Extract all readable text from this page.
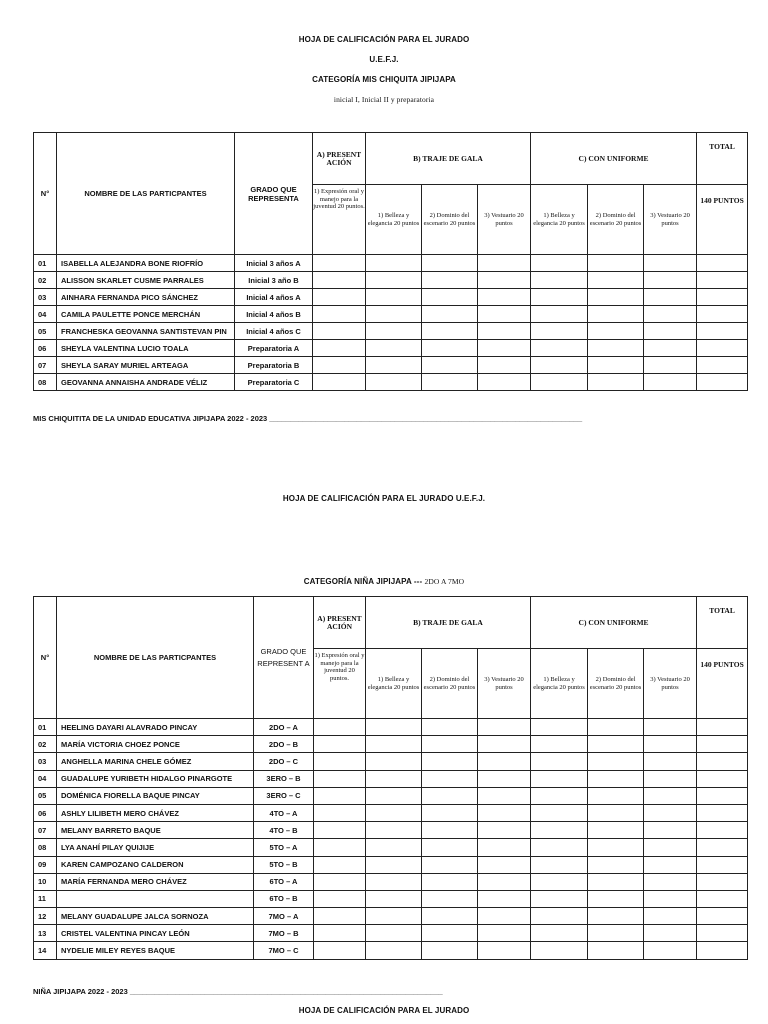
HOJA DE CALIFICACIÓN PARA EL JURADO
U.E.F.J.
CATEGORÍA MIS CHIQUITA JIPIJAPA
inicial I, Inicial II y preparatoria
N°	NOMBRE DE LAS PARTICPANTES	GRADO QUE REPRESENTA	A) PRESENT ACIÓN	B) TRAJE DE GALA			C) CON UNIFORME			TOTAL
			1) Expresión oral y manejo para la juventud 20 puntos.	1) Belleza y elegancia 20 puntos	2) Dominio del escenario 20 puntos	3) Vestuario 20 puntos	1) Belleza y elegancia 20 puntos	2) Dominio del escenario 20 puntos	3) Vestuario 20 puntos	140 PUNTOS
01	ISABELLA ALEJANDRA BONE RIOFRÍO	Inicial 3 años A								
02	ALISSON SKARLET CUSME PARRALES	Inicial 3 año B								
03	AINHARA FERNANDA PICO SÁNCHEZ	Inicial 4 años A								
04	CAMILA PAULETTE PONCE MERCHÁN	Inicial 4 años B								
05	FRANCHESKA GEOVANNA SANTISTEVAN PIN	Inicial 4 años C								
06	SHEYLA VALENTINA LUCIO TOALA	Preparatoria A								
07	SHEYLA SARAY MURIEL ARTEAGA	Preparatoria B								
08	GEOVANNA ANNAISHA ANDRADE VÉLIZ	Preparatoria C								
MIS CHIQUITITA DE LA UNIDAD EDUCATIVA JIPIJAPA 2022 - 2023 ___________________________________________________________________________
HOJA DE CALIFICACIÓN PARA EL JURADO U.E.F.J.
CATEGORÍA NIÑA JIPIJAPA --- 2DO A 7MO
N°	NOMBRE DE LAS PARTICPANTES	GRADO QUE REPRESENT A	A) PRESENT ACIÓN	B) TRAJE DE GALA			C) CON UNIFORME			TOTAL
			1) Expresión oral y manejo para la juventud 20 puntos.	1) Belleza y elegancia 20 puntos	2) Dominio del escenario 20 puntos	3) Vestuario 20 puntos	1) Belleza y elegancia 20 puntos	2) Dominio del escenario 20 puntos	3) Vestuario 20 puntos	140 PUNTOS
01	HEELING DAYARI ALAVRADO PINCAY	2DO – A								
02	MARÍA VICTORIA CHOEZ PONCE	2DO – B								
03	ANGHELLA MARINA CHELE GÓMEZ	2DO – C								
04	GUADALUPE YURIBETH HIDALGO PINARGOTE	3ERO – B								
05	DOMÉNICA FIORELLA BAQUE PINCAY	3ERO – C								
06	ASHLY LILIBETH MERO CHÁVEZ	4TO – A								
07	MELANY BARRETO BAQUE	4TO – B								
08	LYA ANAHÍ PILAY QUIJIJE	5TO – A								
09	KAREN CAMPOZANO CALDERON	5TO – B								
10	MARÍA FERNANDA MERO CHÁVEZ	6TO – A								
11		6TO – B								
12	MELANY GUADALUPE JALCA SORNOZA	7MO – A								
13	CRISTEL VALENTINA PINCAY LEÓN	7MO – B								
14	NYDELIE MILEY REYES BAQUE	7MO – C								
NIÑA JIPIJAPA 2022 - 2023 ___________________________________________________________________________
HOJA DE CALIFICACIÓN PARA EL JURADO
